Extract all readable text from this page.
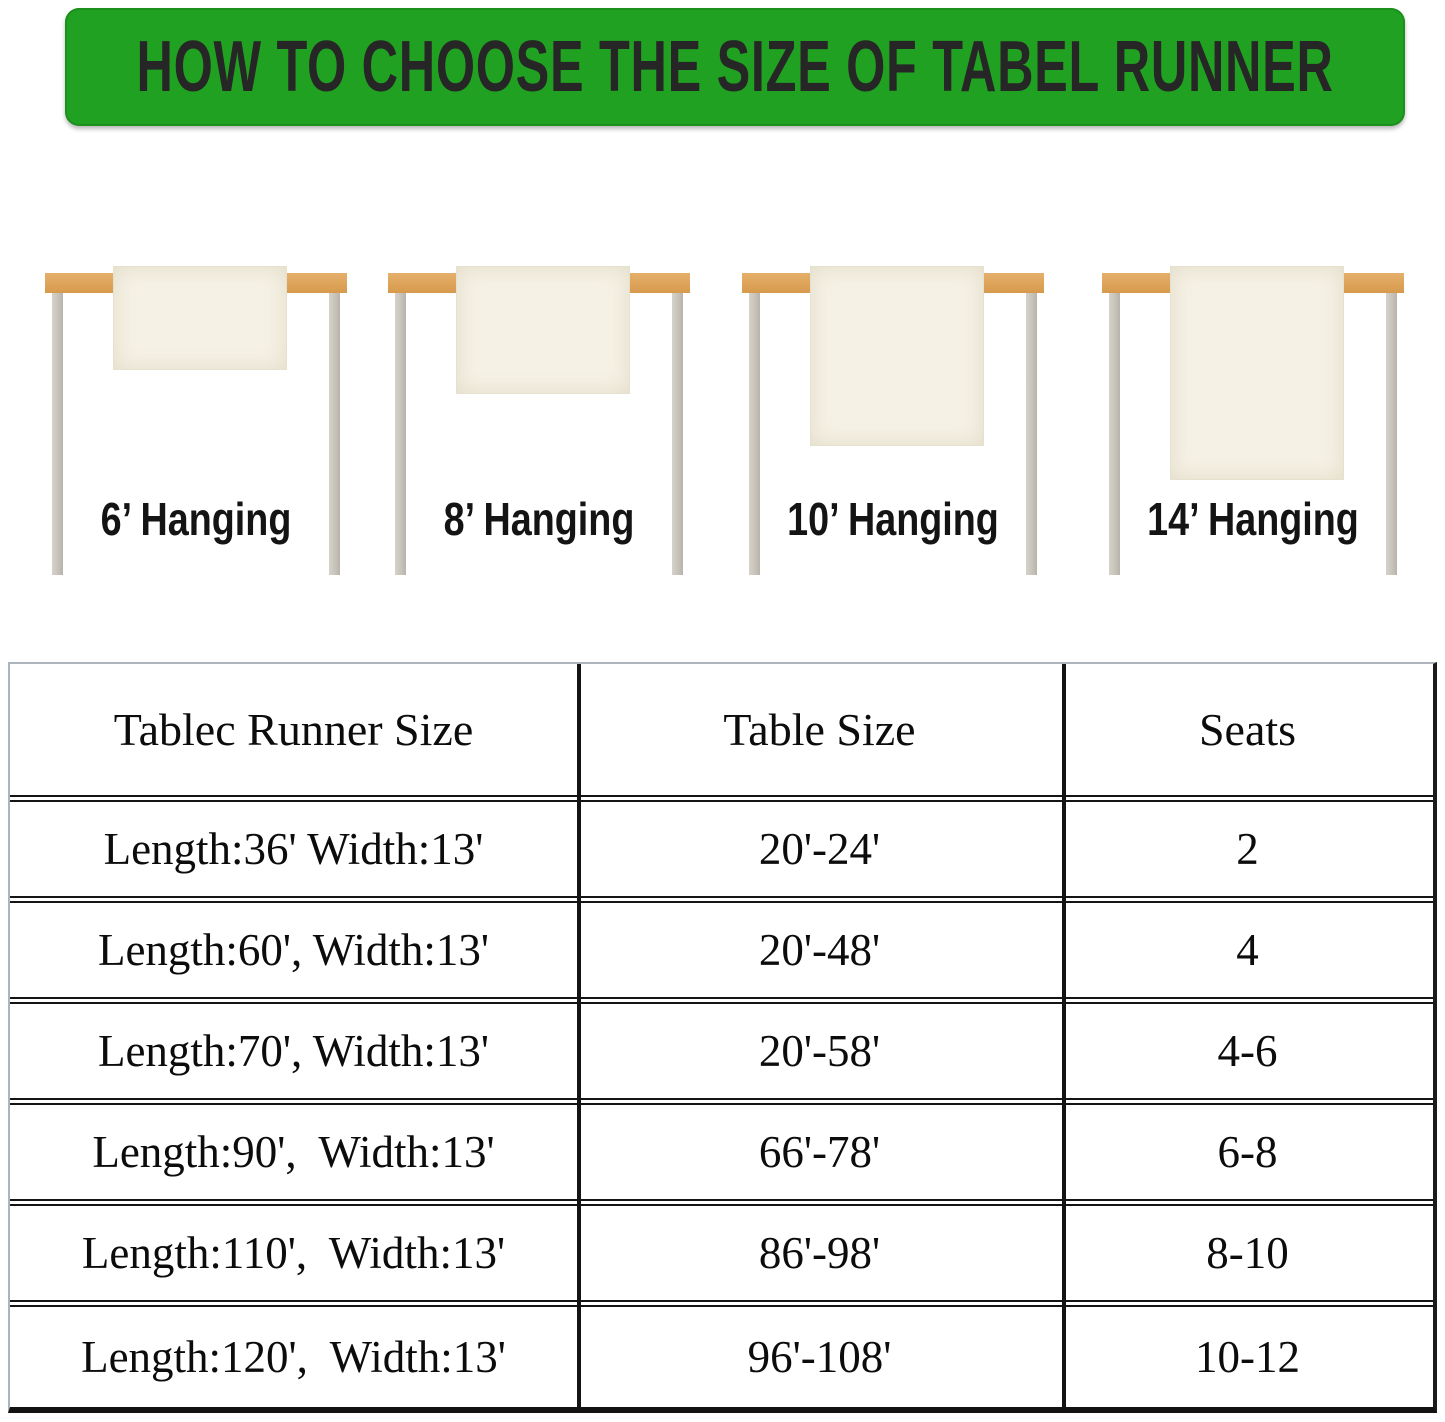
HOW TO CHOOSE THE SIZE OF TABEL RUNNER
6’ Hanging	8’ Hanging	10’ Hanging	14’ Hanging
Tablec Runner Size	Table Size	Seats
Length:36' Width:13'	20'-24'	2
Length:60', Width:13'	20'-48'	4
Length:70', Width:13'	20'-58'	4-6
Length:90',  Width:13'	66'-78'	6-8
Length:110',  Width:13'	86'-98'	8-10
Length:120',  Width:13'	96'-108'	10-12
